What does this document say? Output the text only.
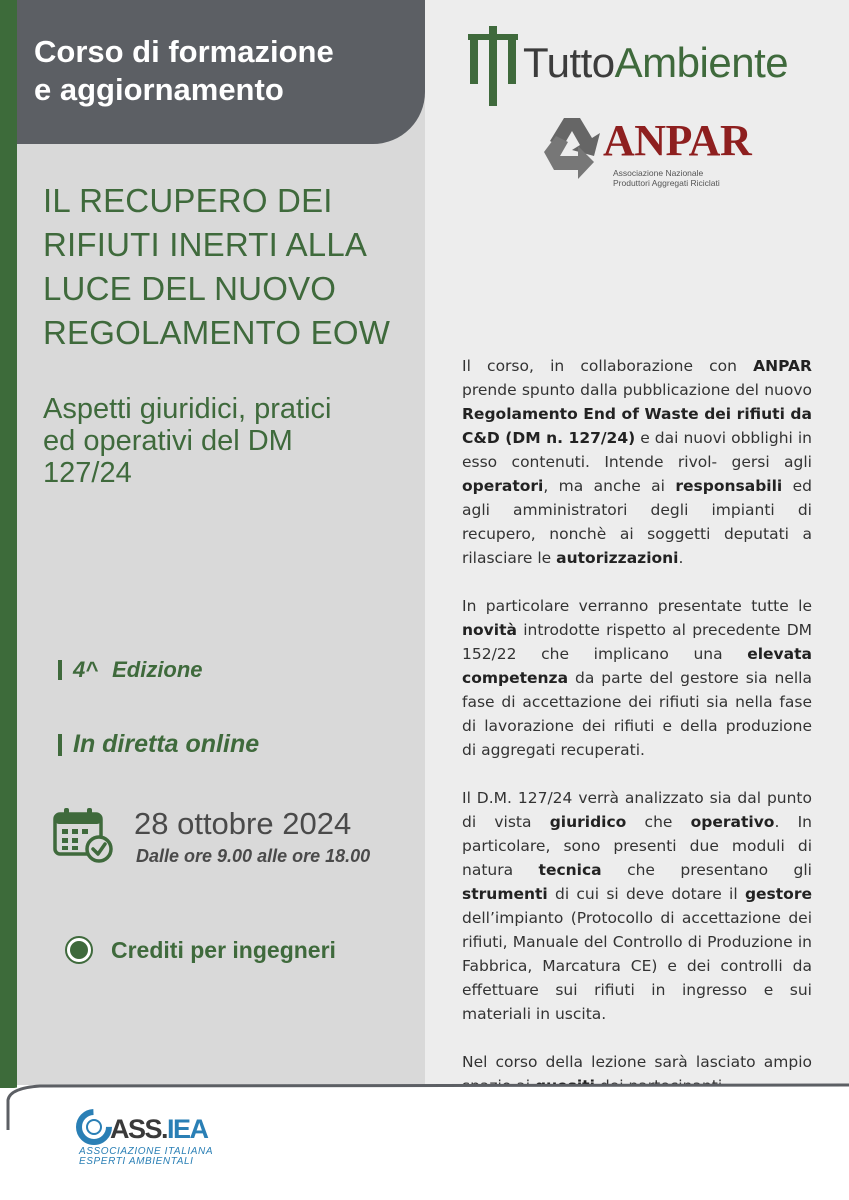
Corso di formazione
e aggiornamento
IL RECUPERO DEI
RIFIUTI INERTI ALLA
LUCE DEL NUOVO
REGOLAMENTO EOW
Aspetti giuridici, pratici
ed operativi del DM
127/24
4^ Edizione
In diretta online
28 ottobre 2024
Dalle ore 9.00 alle ore 18.00
Crediti per ingegneri
TuttoAmbiente
ANPAR
Associazione Nazionale
Produttori Aggregati Riciclati

Il corso, in collaborazione con ANPAR prende spunto dalla pubblicazione del nuovo Regolamento End of Waste dei rifiuti da C&D (DM n. 127/24) e dai nuovi obblighi in esso contenuti. Intende rivol- gersi agli operatori, ma anche ai responsabili ed agli amministratori degli impianti di recupero, nonchè ai soggetti deputati a rilasciare le autorizzazioni.

In particolare verranno presentate tutte le novità introdotte rispetto al precedente DM 152/22 che implicano una elevata competenza da parte del gestore sia nella fase di accettazione dei rifiuti sia nella fase di lavorazione dei rifiuti e della produzione di aggregati recuperati.

Il D.M. 127/24 verrà analizzato sia dal punto di vista giuridico che operativo. In particolare, sono presenti due moduli di natura tecnica che presentano gli strumenti di cui si deve dotare il gestore dell’impianto (Protocollo di accettazione dei rifiuti, Manuale del Controllo di Produzione in Fabbrica, Marcatura CE) e dei controlli da effettuare sui rifiuti in ingresso e sui materiali in uscita.

Nel corso della lezione sarà lasciato ampio

ASS.IEA
ASSOCIAZIONE ITALIANA
ESPERTI AMBIENTALI
